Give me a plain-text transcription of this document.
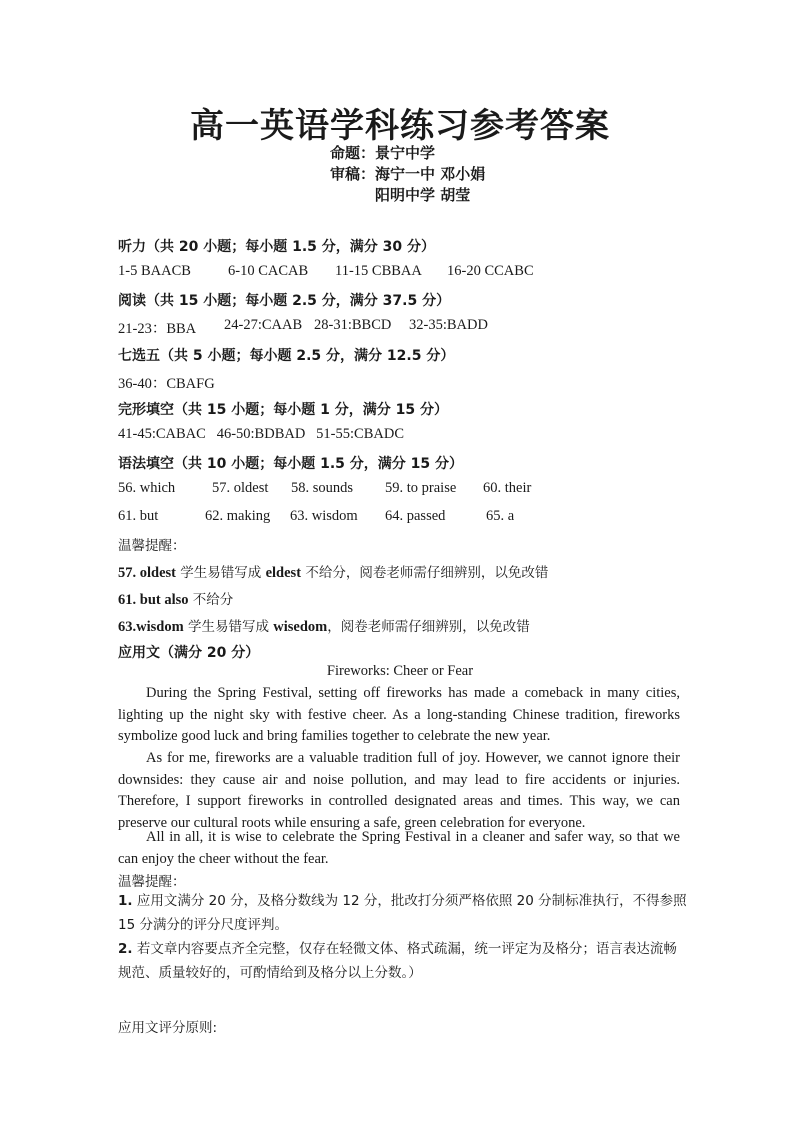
高一英语学科练习参考答案
命题：景宁中学
审稿：海宁一中 邓小娟
阳明中学 胡莹
听力（共 20 小题；每小题 1.5 分，满分 30 分）
1-5 BAACB	6-10 CACAB 11-15 CBBAA 16-20 CCABC
阅读（共 15 小题；每小题 2.5 分，满分 37.5 分）
21-23：BBA 24-27:CAAB 28-31:BBCD 32-35:BADD
七选五（共 5 小题；每小题 2.5 分，满分 12.5 分）
36-40：CBAFG
完形填空（共 15 小题；每小题 1 分，满分 15 分）
41-45:CABAC   46-50:BDBAD   51-55:CBADC
语法填空（共 10 小题；每小题 1.5 分，满分 15 分）
56. which	57. oldest 58. sounds 59. to praise 60. their
61. but	62. making 63. wisdom 64. passed	65. a
温馨提醒：
57. oldest 学生易错写成 eldest 不给分，阅卷老师需仔细辨别，以免改错
61. but also 不给分
63.wisdom 学生易错写成 wisedom，阅卷老师需仔细辨别，以免改错
应用文（满分 20 分）
Fireworks: Cheer or Fear
During the Spring Festival, setting off fireworks has made a comeback in many cities, lighting up the night sky with festive cheer. As a long-standing Chinese tradition, fireworks symbolize good luck and bring families together to celebrate the new year.
As for me, fireworks are a valuable tradition full of joy. However, we cannot ignore their downsides: they cause air and noise pollution, and may lead to fire accidents or injuries. Therefore, I support fireworks in controlled designated areas and times. This way, we can preserve our cultural roots while ensuring a safe, green celebration for everyone.
All in all, it is wise to celebrate the Spring Festival in a cleaner and safer way, so that we can enjoy the cheer without the fear.
温馨提醒：
1. 应用文满分 20 分，及格分数线为 12 分，批改打分须严格依照 20 分制标准执行，不得参照 15 分满分的评分尺度评判。
2. 若文章内容要点齐全完整，仅存在轻微文体、格式疏漏，统一评定为及格分；语言表达流畅规范、质量较好的，可酌情给到及格分以上分数。）
应用文评分原则:
